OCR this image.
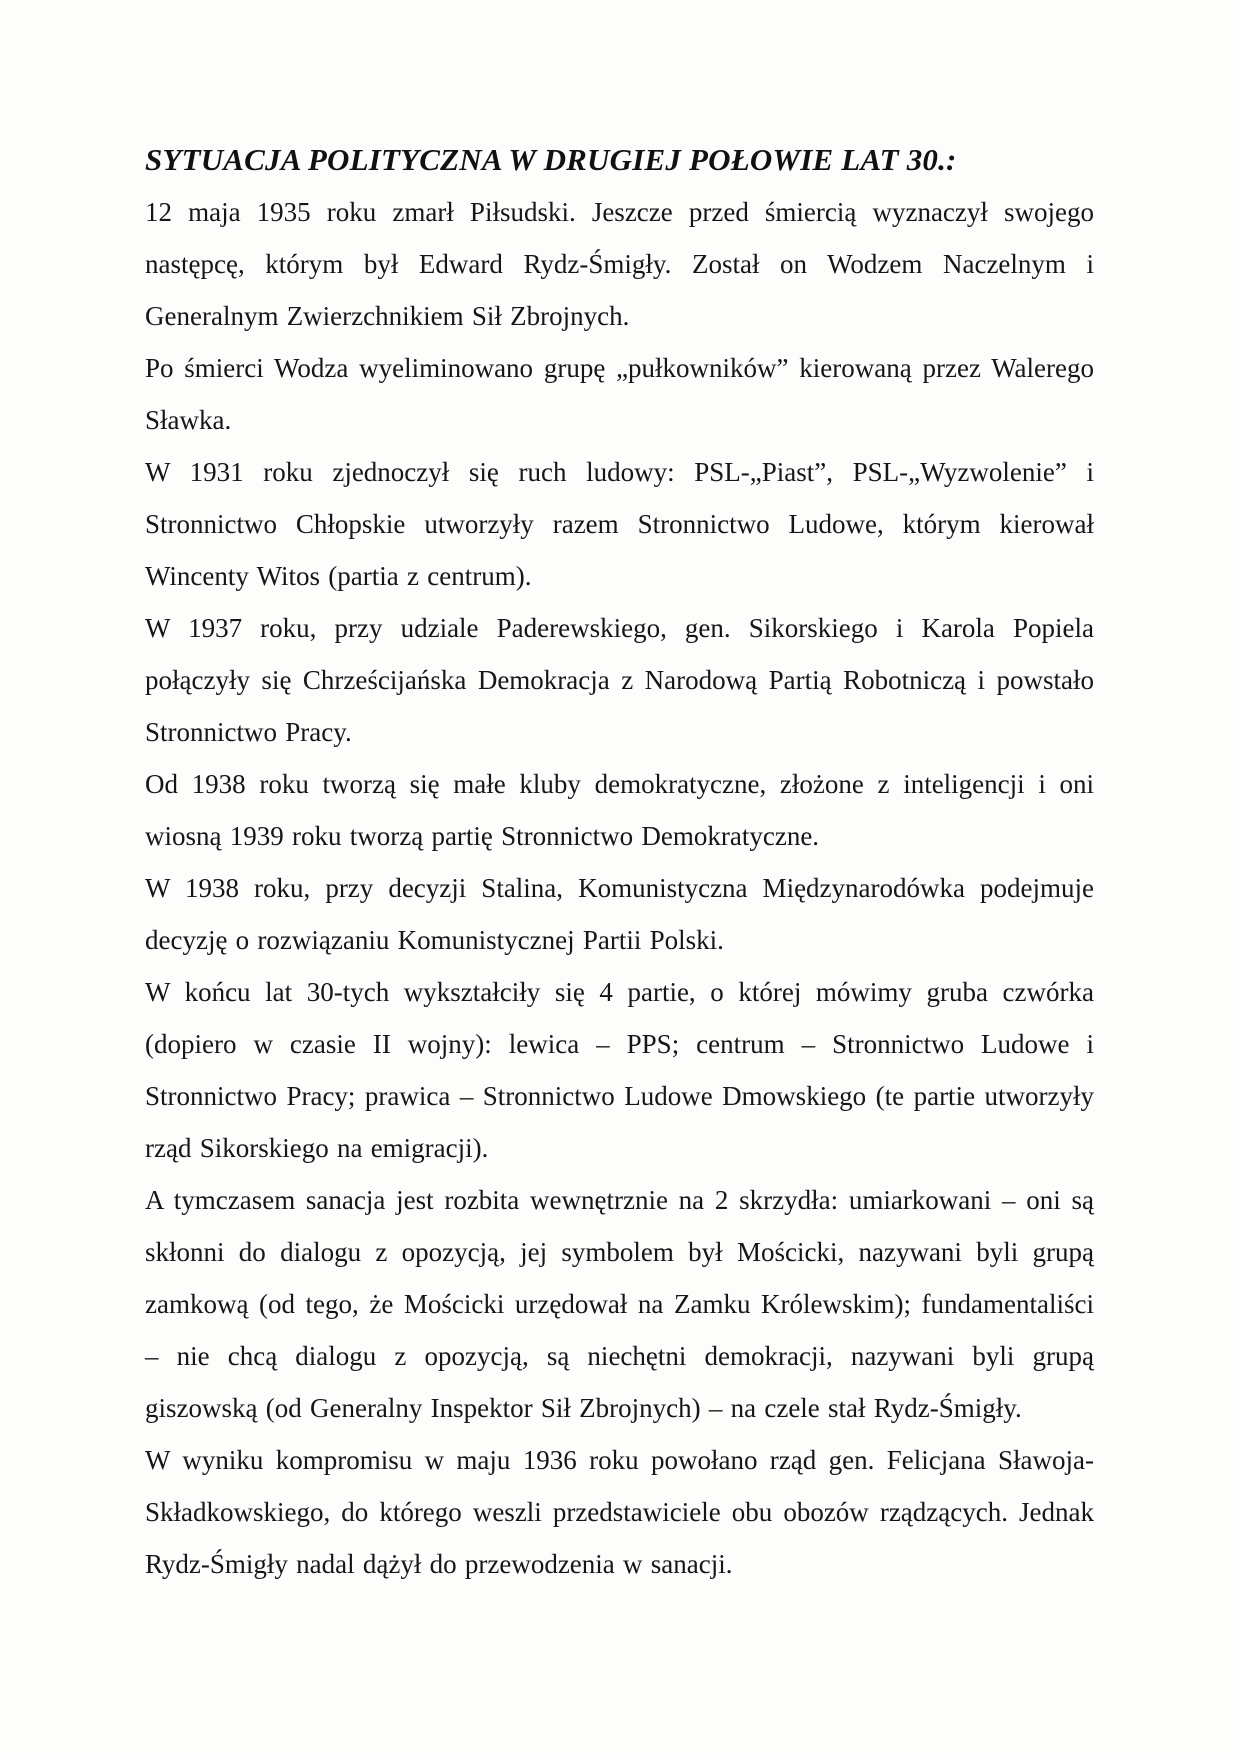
SYTUACJA POLITYCZNA W DRUGIEJ POŁOWIE LAT 30.:

12 maja 1935 roku zmarł Piłsudski. Jeszcze przed śmiercią wyznaczył swojego następcę, którym był Edward Rydz-Śmigły. Został on Wodzem Naczelnym i Generalnym Zwierzchnikiem Sił Zbrojnych.

Po śmierci Wodza wyeliminowano grupę „pułkowników” kierowaną przez Walerego Sławka.

W 1931 roku zjednoczył się ruch ludowy: PSL-„Piast”, PSL-„Wyzwolenie” i Stronnictwo Chłopskie utworzyły razem Stronnictwo Ludowe, którym kierował Wincenty Witos (partia z centrum).

W 1937 roku, przy udziale Paderewskiego, gen. Sikorskiego i Karola Popiela połączyły się Chrześcijańska Demokracja z Narodową Partią Robotniczą i powstało Stronnictwo Pracy.

Od 1938 roku tworzą się małe kluby demokratyczne, złożone z inteligencji i oni wiosną 1939 roku tworzą partię Stronnictwo Demokratyczne.

W 1938 roku, przy decyzji Stalina, Komunistyczna Międzynarodówka podejmuje decyzję o rozwiązaniu Komunistycznej Partii Polski.

W końcu lat 30-tych wykształciły się 4 partie, o której mówimy gruba czwórka (dopiero w czasie II wojny): lewica – PPS; centrum – Stronnictwo Ludowe i Stronnictwo Pracy; prawica – Stronnictwo Ludowe Dmowskiego (te partie utworzyły rząd Sikorskiego na emigracji).

A tymczasem sanacja jest rozbita wewnętrznie na 2 skrzydła: umiarkowani – oni są skłonni do dialogu z opozycją, jej symbolem był Mościcki, nazywani byli grupą zamkową (od tego, że Mościcki urzędował na Zamku Królewskim); fundamentaliści – nie chcą dialogu z opozycją, są niechętni demokracji, nazywani byli grupą giszowską (od Generalny Inspektor Sił Zbrojnych) – na czele stał Rydz-Śmigły.

W wyniku kompromisu w maju 1936 roku powołano rząd gen. Felicjana Sławoja-Składkowskiego, do którego weszli przedstawiciele obu obozów rządzących. Jednak Rydz-Śmigły nadal dążył do przewodzenia w sanacji.
